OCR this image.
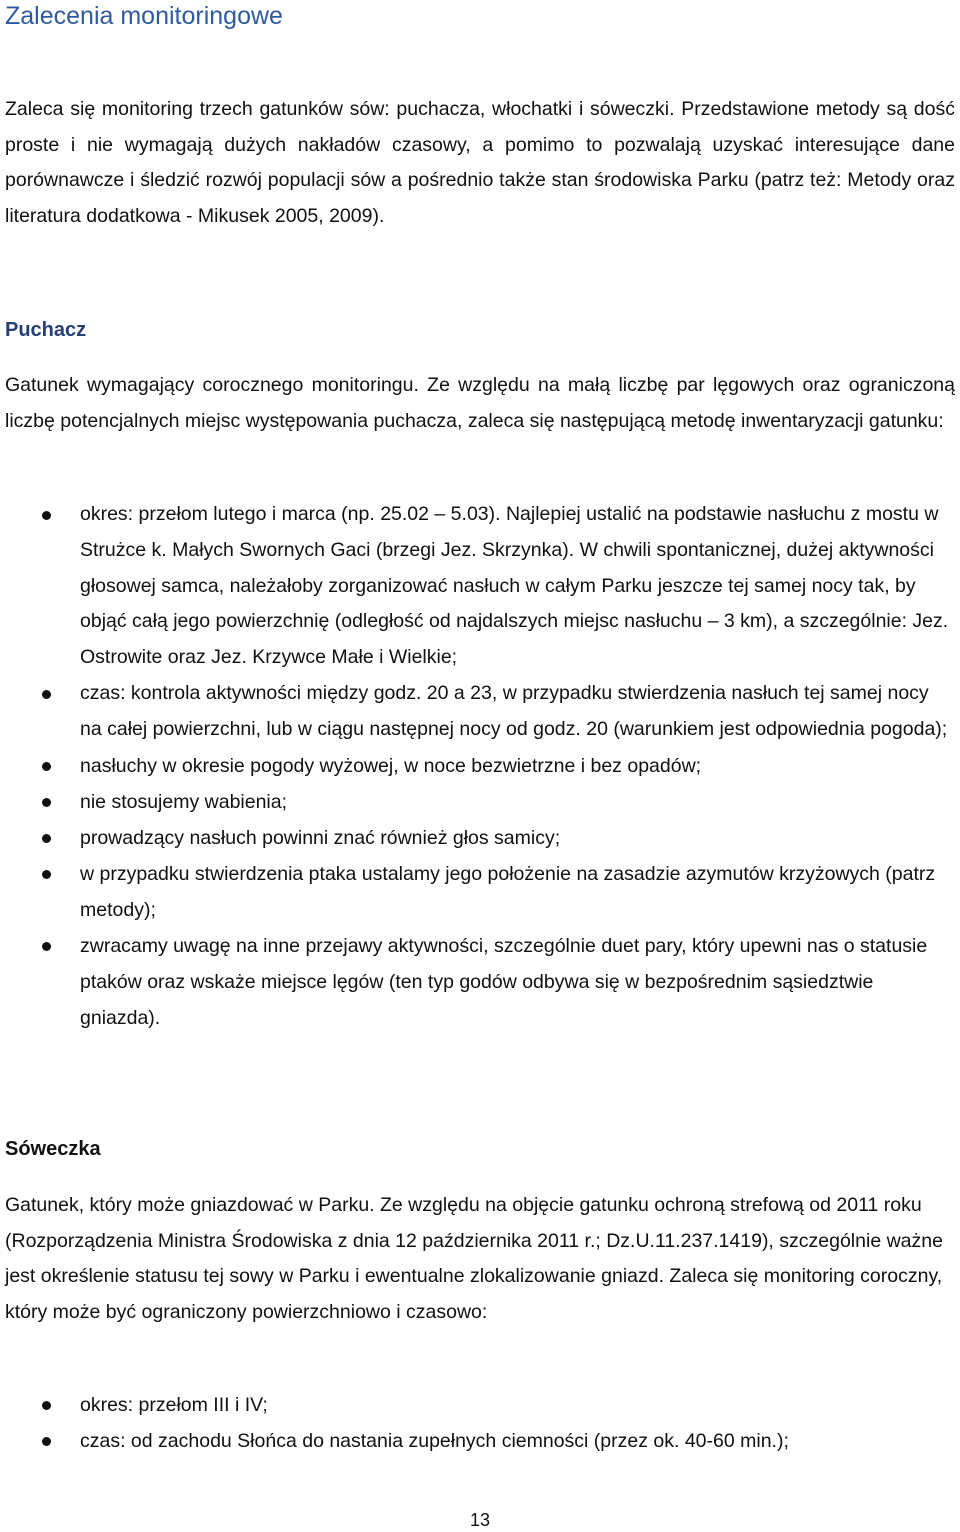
Zalecenia monitoringowe

Zaleca się monitoring trzech gatunków sów: puchacza, włochatki i sóweczki. Przedstawione metody są dość proste i nie wymagają dużych nakładów czasowy, a pomimo to pozwalają uzyskać interesujące dane porównawcze i śledzić rozwój populacji sów a pośrednio także stan środowiska Parku (patrz też: Metody oraz literatura dodatkowa - Mikusek 2005, 2009).

Puchacz

Gatunek wymagający corocznego monitoringu. Ze względu na małą liczbę par lęgowych oraz ograniczoną liczbę potencjalnych miejsc występowania puchacza, zaleca się następującą metodę inwentaryzacji gatunku:

okres: przełom lutego i marca (np. 25.02 – 5.03). Najlepiej ustalić na podstawie nasłuchu z mostu w Strużce k. Małych Swornych Gaci (brzegi Jez. Skrzynka). W chwili spontanicznej, dużej aktywności głosowej samca, należałoby zorganizować nasłuch w całym Parku jeszcze tej samej nocy tak, by objąć całą jego powierzchnię (odległość od najdalszych miejsc nasłuchu – 3 km), a szczególnie: Jez. Ostrowite oraz Jez. Krzywce Małe i Wielkie;
czas: kontrola aktywności między godz. 20 a 23, w przypadku stwierdzenia nasłuch tej samej nocy na całej powierzchni, lub w ciągu następnej nocy od godz. 20 (warunkiem jest odpowiednia pogoda);
nasłuchy w okresie pogody wyżowej, w noce bezwietrzne i bez opadów;
nie stosujemy wabienia;
prowadzący nasłuch powinni znać również głos samicy;
w przypadku stwierdzenia ptaka ustalamy jego położenie na zasadzie azymutów krzyżowych (patrz metody);
zwracamy uwagę na inne przejawy aktywności, szczególnie duet pary, który upewni nas o statusie ptaków oraz wskaże miejsce lęgów (ten typ godów odbywa się w bezpośrednim sąsiedztwie gniazda).
Sóweczka

Gatunek, który może gniazdować w Parku. Ze względu na objęcie gatunku ochroną strefową od 2011 roku (Rozporządzenia Ministra Środowiska z dnia 12 października 2011 r.; Dz.U.11.237.1419), szczególnie ważne jest określenie statusu tej sowy w Parku i ewentualne zlokalizowanie gniazd. Zaleca się monitoring coroczny, który może być ograniczony powierzchniowo i czasowo:

okres: przełom III i IV;
czas: od zachodu Słońca do nastania zupełnych ciemności (przez ok. 40-60 min.);
13
